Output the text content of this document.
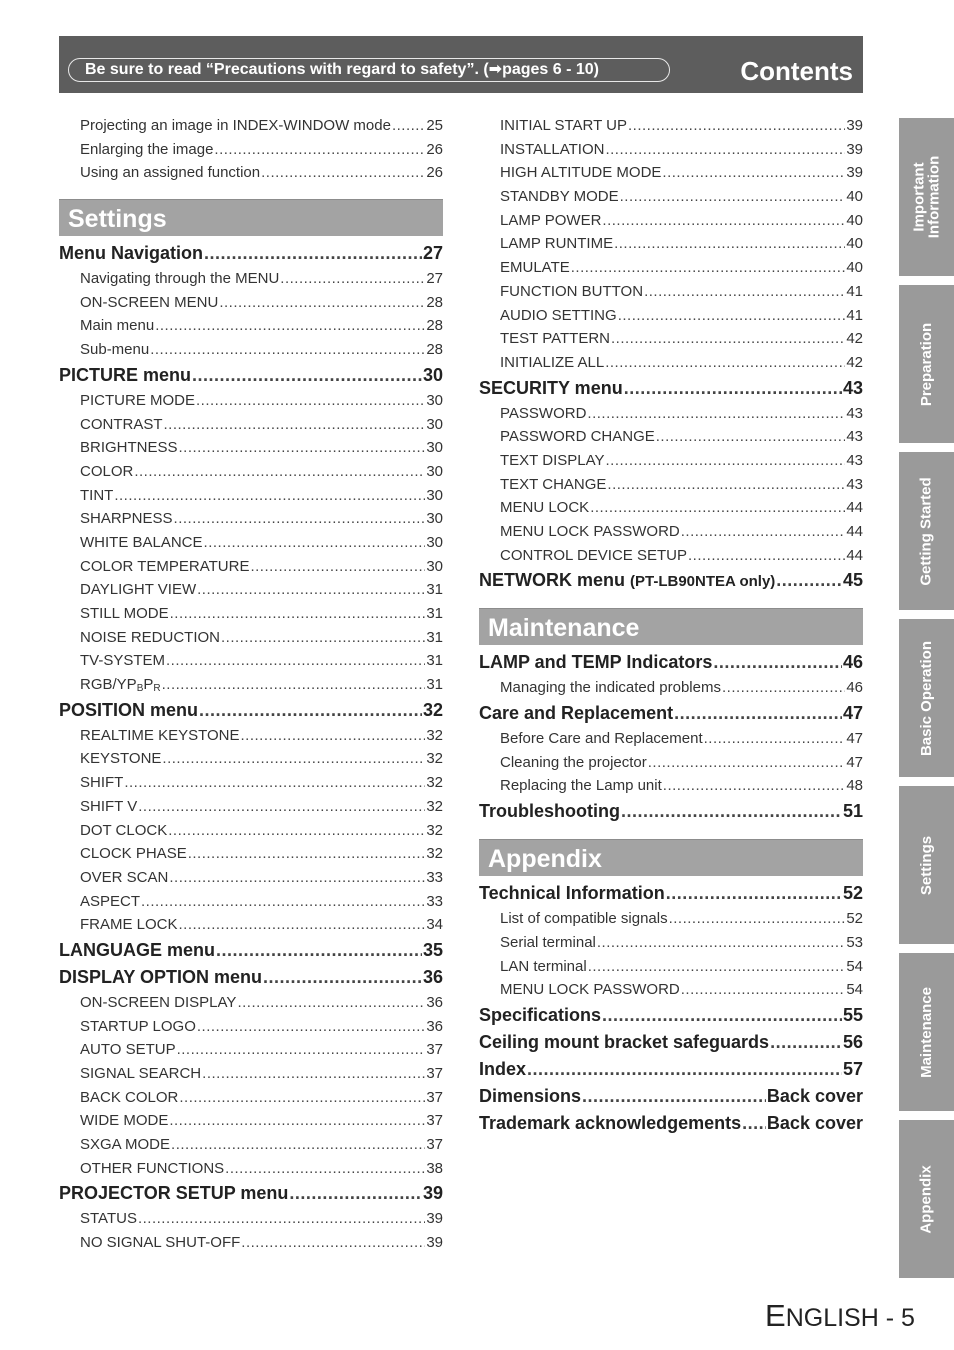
Be sure to read “Precautions with regard to safety”. (➡pages 6 - 10)	Contents
Projecting an image in INDEX-WINDOW mode ..... 25
Enlarging the image .....	26
Using an assigned function .....	26
Settings
Menu Navigation .....	27
Navigating through the MENU .....	27
ON-SCREEN MENU .....	28
Main menu .....	28
Sub-menu .....	28
PICTURE menu .....	30
PICTURE MODE .....	30
CONTRAST .....	30
BRIGHTNESS .....	30
COLOR .....	30
TINT .....	30
SHARPNESS .....	30
WHITE BALANCE .....	30
COLOR TEMPERATURE .....	30
DAYLIGHT VIEW .....	31
STILL MODE .....	31
NOISE REDUCTION .....	31
TV-SYSTEM .....	31
RGB/$YP_BP_R$ .....	31
POSITION menu .....	32
REALTIME KEYSTONE .....	32
KEYSTONE .....	32
SHIFT .....	32
SHIFT V .....	32
DOT CLOCK .....	32
CLOCK PHASE .....	32
OVER SCAN .....	33
ASPECT .....	33
FRAME LOCK .....	34
LANGUAGE menu .....	35
DISPLAY OPTION menu .....	36
ON-SCREEN DISPLAY .....	36
STARTUP LOGO .....	36
AUTO SETUP .....	37
SIGNAL SEARCH .....	37
BACK COLOR .....	37
WIDE MODE .....	37
SXGA MODE .....	37
OTHER FUNCTIONS .....	38
PROJECTOR SETUP menu .....	39
STATUS .....	39
NO SIGNAL SHUT-OFF .....	39
INITIAL START UP .....	39
INSTALLATION .....	39
HIGH ALTITUDE MODE .....	39
STANDBY MODE .....	40
LAMP POWER .....	40
LAMP RUNTIME .....	40
EMULATE .....	40
FUNCTION BUTTON .....	41
AUDIO SETTING .....	41
TEST PATTERN .....	42
INITIALIZE ALL .....	42
SECURITY menu .....	43
PASSWORD .....	43
PASSWORD CHANGE .....	43
TEXT DISPLAY .....	43
TEXT CHANGE .....	43
MENU LOCK .....	44
MENU LOCK PASSWORD .....	44
CONTROL DEVICE SETUP .....	44
NETWORK menu (PT-LB90NTEA only) .....	45
Maintenance
LAMP and TEMP Indicators .....	46
Managing the indicated problems .....	46
Care and Replacement .....	47
Before Care and Replacement .....	47
Cleaning the projector .....	47
Replacing the Lamp unit .....	48
Troubleshooting .....	51
Appendix
Technical Information .....	52
List of compatible signals .....	52
Serial terminal .....	53
LAN terminal .....	54
MENU LOCK PASSWORD .....	54
Specifications .....	55
Ceiling mount bracket safeguards .....	56
Index .....	57
Dimensions .....	Back cover
Trademark acknowledgements ..... Back cover
Important
Information
Preparation
Getting Started
Basic Operation
Settings
Maintenance
Appendix
ENGLISH - 5
